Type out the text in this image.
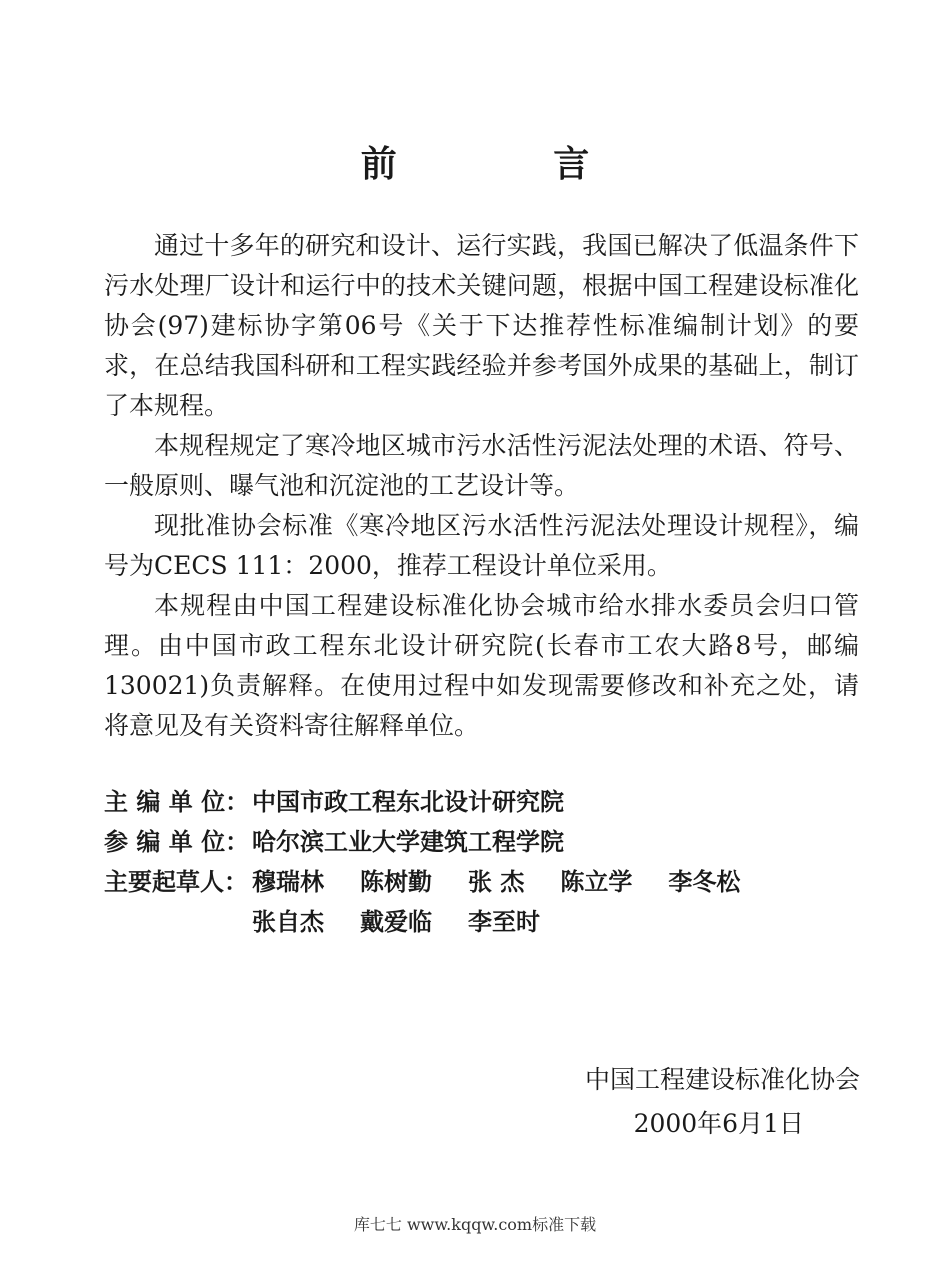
前 言

通过十多年的研究和设计、运行实践，我国已解决了低温条件下污水处理厂设计和运行中的技术关键问题，根据中国工程建设标准化协会(97)建标协字第06号《关于下达推荐性标准编制计划》的要求，在总结我国科研和工程实践经验并参考国外成果的基础上，制订了本规程。

本规程规定了寒冷地区城市污水活性污泥法处理的术语、符号、一般原则、曝气池和沉淀池的工艺设计等。

现批准协会标准《寒冷地区污水活性污泥法处理设计规程》，编号为CECS 111：2000，推荐工程设计单位采用。

本规程由中国工程建设标准化协会城市给水排水委员会归口管理。由中国市政工程东北设计研究院(长春市工农大路8号，邮编130021)负责解释。在使用过程中如发现需要修改和补充之处，请将意见及有关资料寄往解释单位。

主 编 单 位： 中国市政工程东北设计研究院
参 编 单 位： 哈尔滨工业大学建筑工程学院
主要起草人： 穆瑞林 陈树勤 张 杰 陈立学 李冬松
张自杰 戴爱临 李至时
中国工程建设标准化协会
2000年6月1日
库七七 www.kqqw.com标准下载
